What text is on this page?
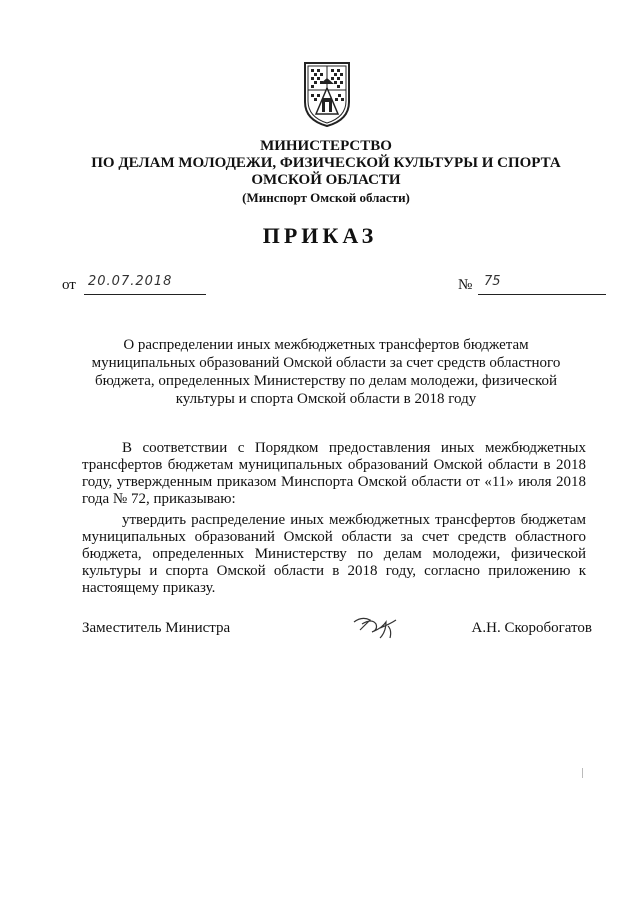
МИНИСТЕРСТВО
ПО ДЕЛАМ МОЛОДЕЖИ, ФИЗИЧЕСКОЙ КУЛЬТУРЫ И СПОРТА
ОМСКОЙ ОБЛАСТИ
(Минспорт Омской области)
ПРИКАЗ
от 20.07.2018	№ 75
О распределении иных межбюджетных трансфертов бюджетам муниципальных образований Омской области за счет средств областного бюджета, определенных Министерству по делам молодежи, физической культуры и спорта Омской области в 2018 году
В соответствии с Порядком предоставления иных межбюджетных трансфертов бюджетам муниципальных образований Омской области в 2018 году, утвержденным приказом Минспорта Омской области от «11» июля 2018 года № 72, приказываю:
утвердить распределение иных межбюджетных трансфертов бюджетам муниципальных образований Омской области за счет средств областного бюджета, определенных Министерству по делам молодежи, физической культуры и спорта Омской области в 2018 году, согласно приложению к настоящему приказу.
Заместитель Министра	А.Н. Скоробогатов
